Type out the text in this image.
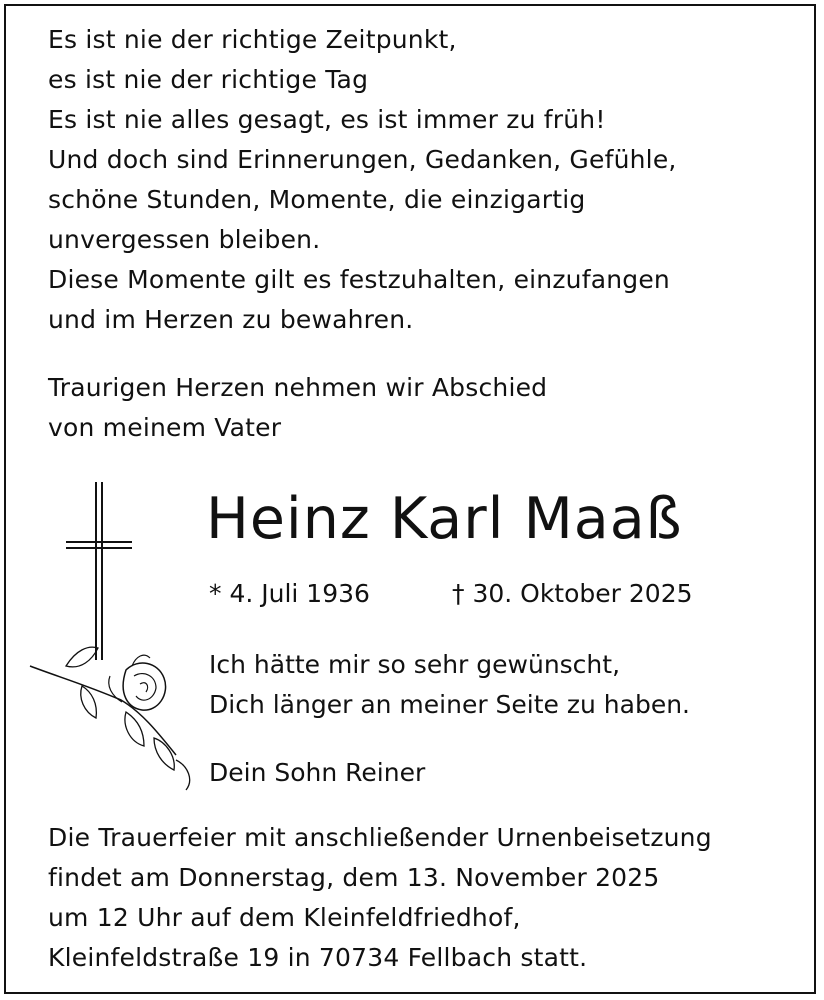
Es ist nie der richtige Zeitpunkt,
es ist nie der richtige Tag
Es ist nie alles gesagt, es ist immer zu früh!
Und doch sind Erinnerungen, Gedanken, Gefühle,
schöne Stunden, Momente, die einzigartig
unvergessen bleiben.
Diese Momente gilt es festzuhalten, einzufangen
und im Herzen zu bewahren.
Traurigen Herzen nehmen wir Abschied
von meinem Vater
Heinz Karl Maaß
* 4. Juli 1936	† 30. Oktober 2025
Ich hätte mir so sehr gewünscht,
Dich länger an meiner Seite zu haben.
Dein Sohn Reiner
Die Trauerfeier mit anschließender Urnenbeisetzung
findet am Donnerstag, dem 13. November 2025
um 12 Uhr auf dem Kleinfeldfriedhof,
Kleinfeldstraße 19 in 70734 Fellbach statt.
